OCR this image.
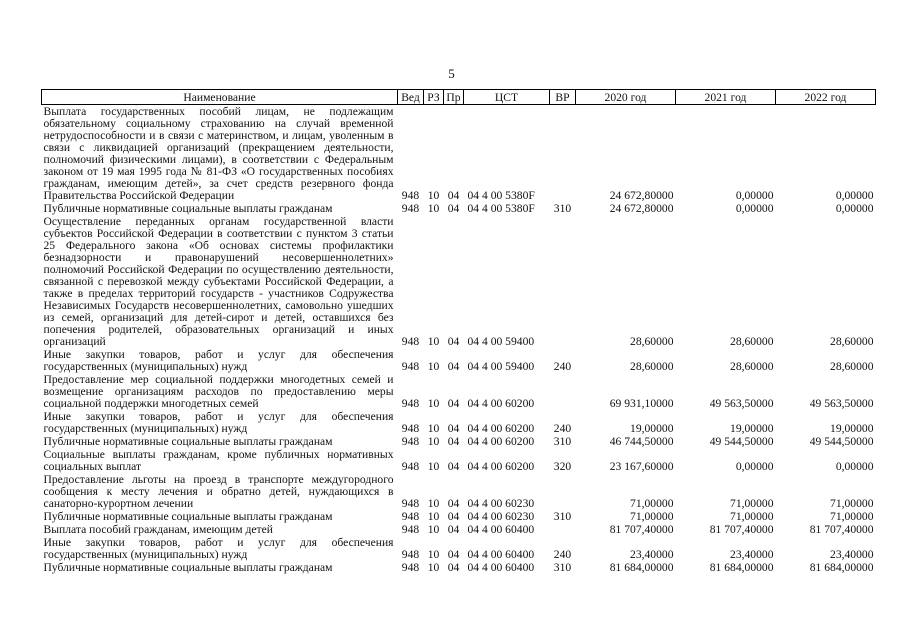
5
Наименование	Вед	РЗ	Пр	ЦСТ	ВР	2020 год	2021 год	2022 год
Выплата государственных пособий лицам, не подлежащим обязательному социальному страхованию на случай временной нетрудоспособности и в связи с материнством, и лицам, уволенным в связи с ликвидацией организаций (прекращением деятельности, полномочий физическими лицами), в соответствии с Федеральным законом от 19 мая 1995 года № 81-ФЗ «О государственных пособиях гражданам, имеющим детей», за счет средств резервного фонда Правительства Российской Федерации	948	10	04	04 4 00 5380F		24 672,80000	0,00000	0,00000
Публичные нормативные социальные выплаты гражданам	948	10	04	04 4 00 5380F	310	24 672,80000	0,00000	0,00000
Осуществление переданных органам государственной власти субъектов Российской Федерации в соответствии с пунктом 3 статьи 25 Федерального закона «Об основах системы профилактики безнадзорности и правонарушений несовершеннолетних» полномочий Российской Федерации по осуществлению деятельности, связанной с перевозкой между субъектами Российской Федерации, а также в пределах территорий государств - участников Содружества Независимых Государств несовершеннолетних, самовольно ушедших из семей, организаций для детей-сирот и детей, оставшихся без попечения родителей, образовательных организаций и иных организаций	948	10	04	04 4 00 59400		28,60000	28,60000	28,60000
Иные закупки товаров, работ и услуг для обеспечения государственных (муниципальных) нужд	948	10	04	04 4 00 59400	240	28,60000	28,60000	28,60000
Предоставление мер социальной поддержки многодетных семей и возмещение организациям расходов по предоставлению меры социальной поддержки многодетных семей	948	10	04	04 4 00 60200		69 931,10000	49 563,50000	49 563,50000
Иные закупки товаров, работ и услуг для обеспечения государственных (муниципальных) нужд	948	10	04	04 4 00 60200	240	19,00000	19,00000	19,00000
Публичные нормативные социальные выплаты гражданам	948	10	04	04 4 00 60200	310	46 744,50000	49 544,50000	49 544,50000
Социальные выплаты гражданам, кроме публичных нормативных социальных выплат	948	10	04	04 4 00 60200	320	23 167,60000	0,00000	0,00000
Предоставление льготы на проезд в транспорте междугородного сообщения к месту лечения и обратно детей, нуждающихся в санаторно-курортном лечении	948	10	04	04 4 00 60230		71,00000	71,00000	71,00000
Публичные нормативные социальные выплаты гражданам	948	10	04	04 4 00 60230	310	71,00000	71,00000	71,00000
Выплата пособий гражданам, имеющим детей	948	10	04	04 4 00 60400		81 707,40000	81 707,40000	81 707,40000
Иные закупки товаров, работ и услуг для обеспечения государственных (муниципальных) нужд	948	10	04	04 4 00 60400	240	23,40000	23,40000	23,40000
Публичные нормативные социальные выплаты гражданам	948	10	04	04 4 00 60400	310	81 684,00000	81 684,00000	81 684,00000
